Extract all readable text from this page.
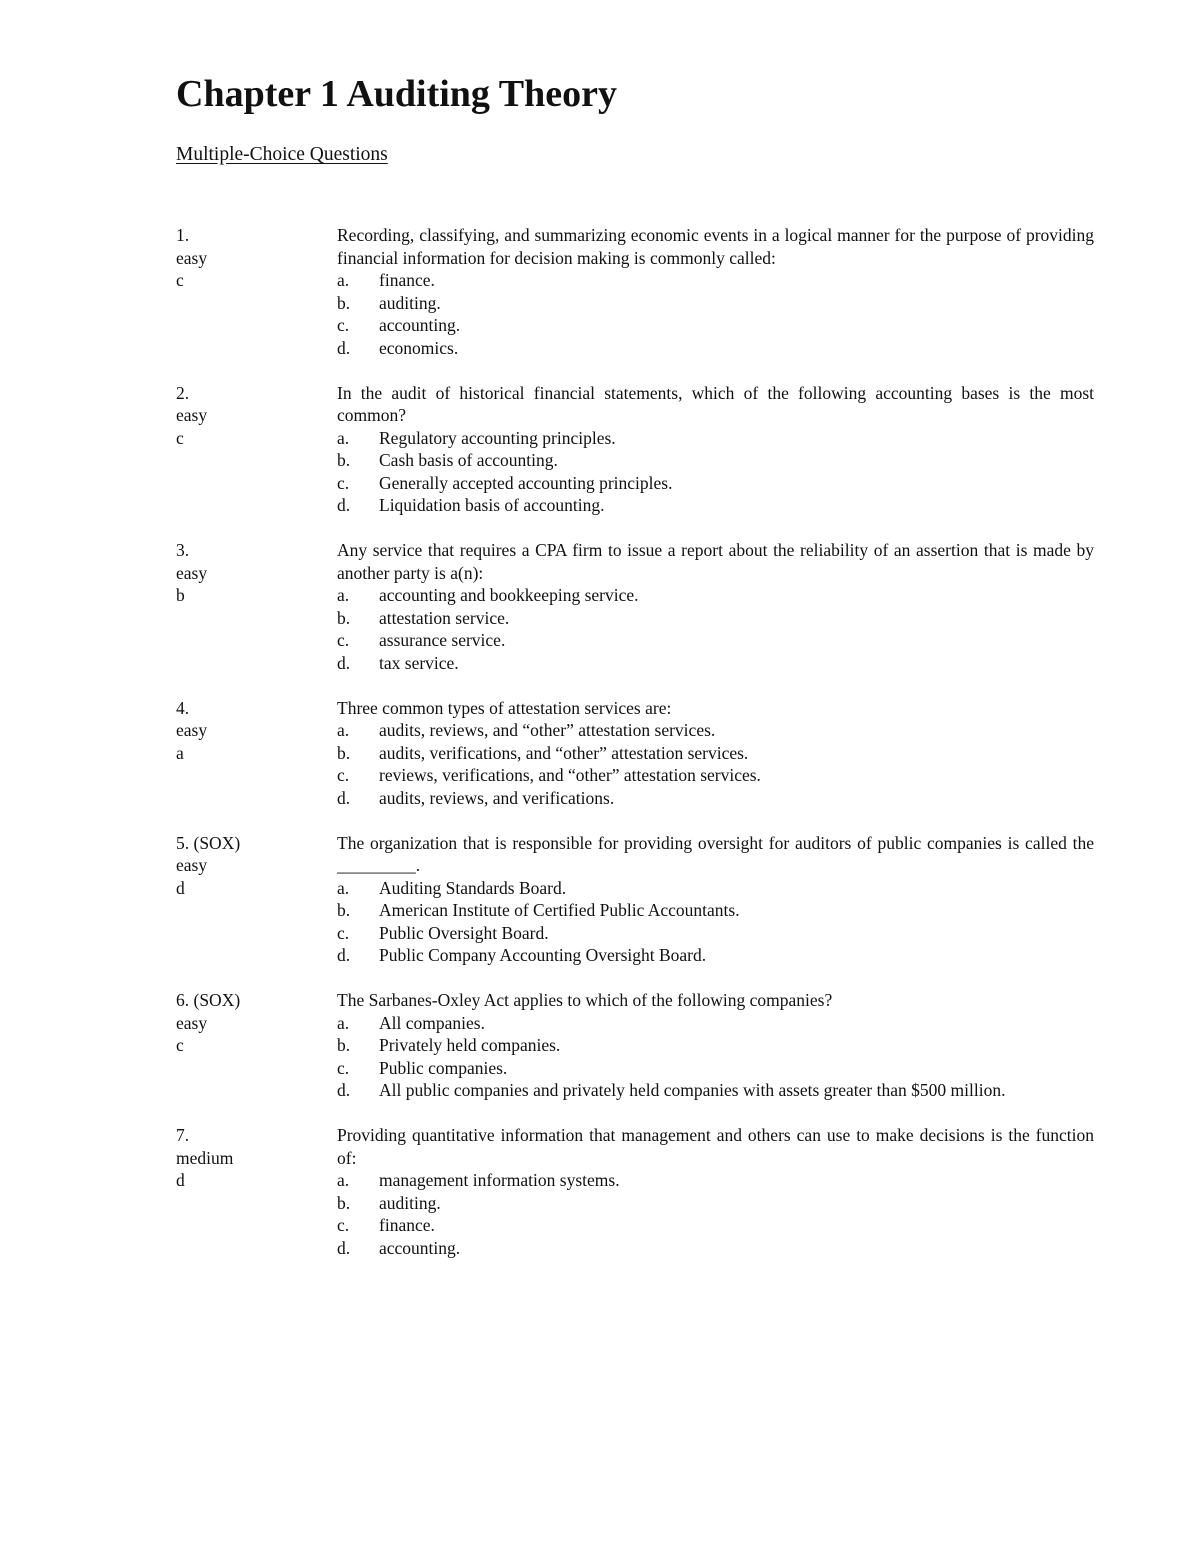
Chapter 1 Auditing Theory
Multiple-Choice Questions
1.
easy
c

Recording, classifying, and summarizing economic events in a logical manner for the purpose of providing financial information for decision making is commonly called:

a.	finance.
b.	auditing.
c.	accounting.
d.	economics.
2.
easy
c

In the audit of historical financial statements, which of the following accounting bases is the most common?

a.	Regulatory accounting principles.
b.	Cash basis of accounting.
c.	Generally accepted accounting principles.
d.	Liquidation basis of accounting.
3.
easy
b

Any service that requires a CPA firm to issue a report about the reliability of an assertion that is made by another party is a(n):

a.	accounting and bookkeeping service.
b.	attestation service.
c.	assurance service.
d.	tax service.
4.
easy
a

Three common types of attestation services are:

a.	audits, reviews, and “other” attestation services.
b.	audits, verifications, and “other” attestation services.
c.	reviews, verifications, and “other” attestation services.
d.	audits, reviews, and verifications.
5. (SOX)
easy
d

The organization that is responsible for providing oversight for auditors of public companies is called the _________.

a.	Auditing Standards Board.
b.	American Institute of Certified Public Accountants.
c.	Public Oversight Board.
d.	Public Company Accounting Oversight Board.
6. (SOX)
easy
c

The Sarbanes-Oxley Act applies to which of the following companies?

a.	All companies.
b.	Privately held companies.
c.	Public companies.
d.	All public companies and privately held companies with assets greater than $500 million.
7.
medium
d

Providing quantitative information that management and others can use to make decisions is the function of:

a.	management information systems.
b.	auditing.
c.	finance.
d.	accounting.
